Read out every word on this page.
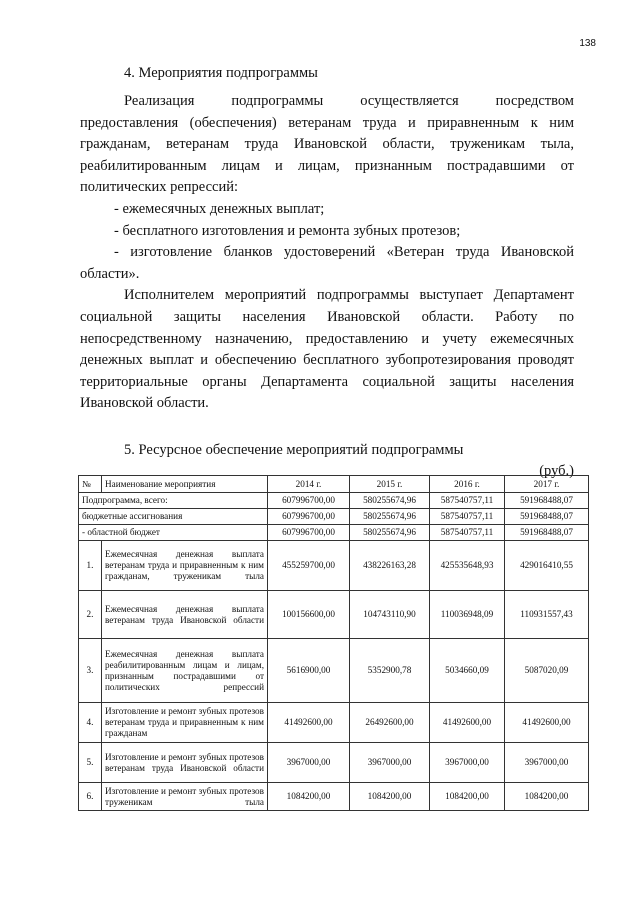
138
4. Мероприятия подпрограммы

Реализация подпрограммы осуществляется посредством предоставления (обеспечения) ветеранам труда и приравненным к ним гражданам, ветеранам труда Ивановской области, труженикам тыла, реабилитированным лицам и лицам, признанным пострадавшими от политических репрессий:

- ежемесячных денежных выплат;

- бесплатного изготовления и ремонта зубных протезов;

- изготовление бланков удостоверений «Ветеран труда Ивановской области».

Исполнителем мероприятий подпрограммы выступает Департамент социальной защиты населения Ивановской области. Работу по непосредственному назначению, предоставлению и учету ежемесячных денежных выплат и обеспечению бесплатного зубопротезирования проводят территориальные органы Департамента социальной защиты населения Ивановской области.

5. Ресурсное обеспечение мероприятий подпрограммы
(руб.)
№	Наименование мероприятия	2014 г.	2015 г.	2016 г.	2017 г.
Подпрограмма, всего:		607996700,00	580255674,96	587540757,11	591968488,07
бюджетные ассигнования		607996700,00	580255674,96	587540757,11	591968488,07
- областной бюджет		607996700,00	580255674,96	587540757,11	591968488,07
1.	Ежемесячная денежная выплата ветеранам труда и приравненным к ним гражданам, труженикам тыла	455259700,00	438226163,28	425535648,93	429016410,55
2.	Ежемесячная денежная выплата ветеранам труда Ивановской области	100156600,00	104743110,90	110036948,09	110931557,43
3.	Ежемесячная денежная выплата реабилитированным лицам и лицам, признанным пострадавшими от политических репрессий	5616900,00	5352900,78	5034660,09	5087020,09
4.	Изготовление и ремонт зубных протезов ветеранам труда и приравненным к ним гражданам	41492600,00	26492600,00	41492600,00	41492600,00
5.	Изготовление и ремонт зубных протезов ветеранам труда Ивановской области	3967000,00	3967000,00	3967000,00	3967000,00
6.	Изготовление и ремонт зубных протезов труженикам тыла	1084200,00	1084200,00	1084200,00	1084200,00
